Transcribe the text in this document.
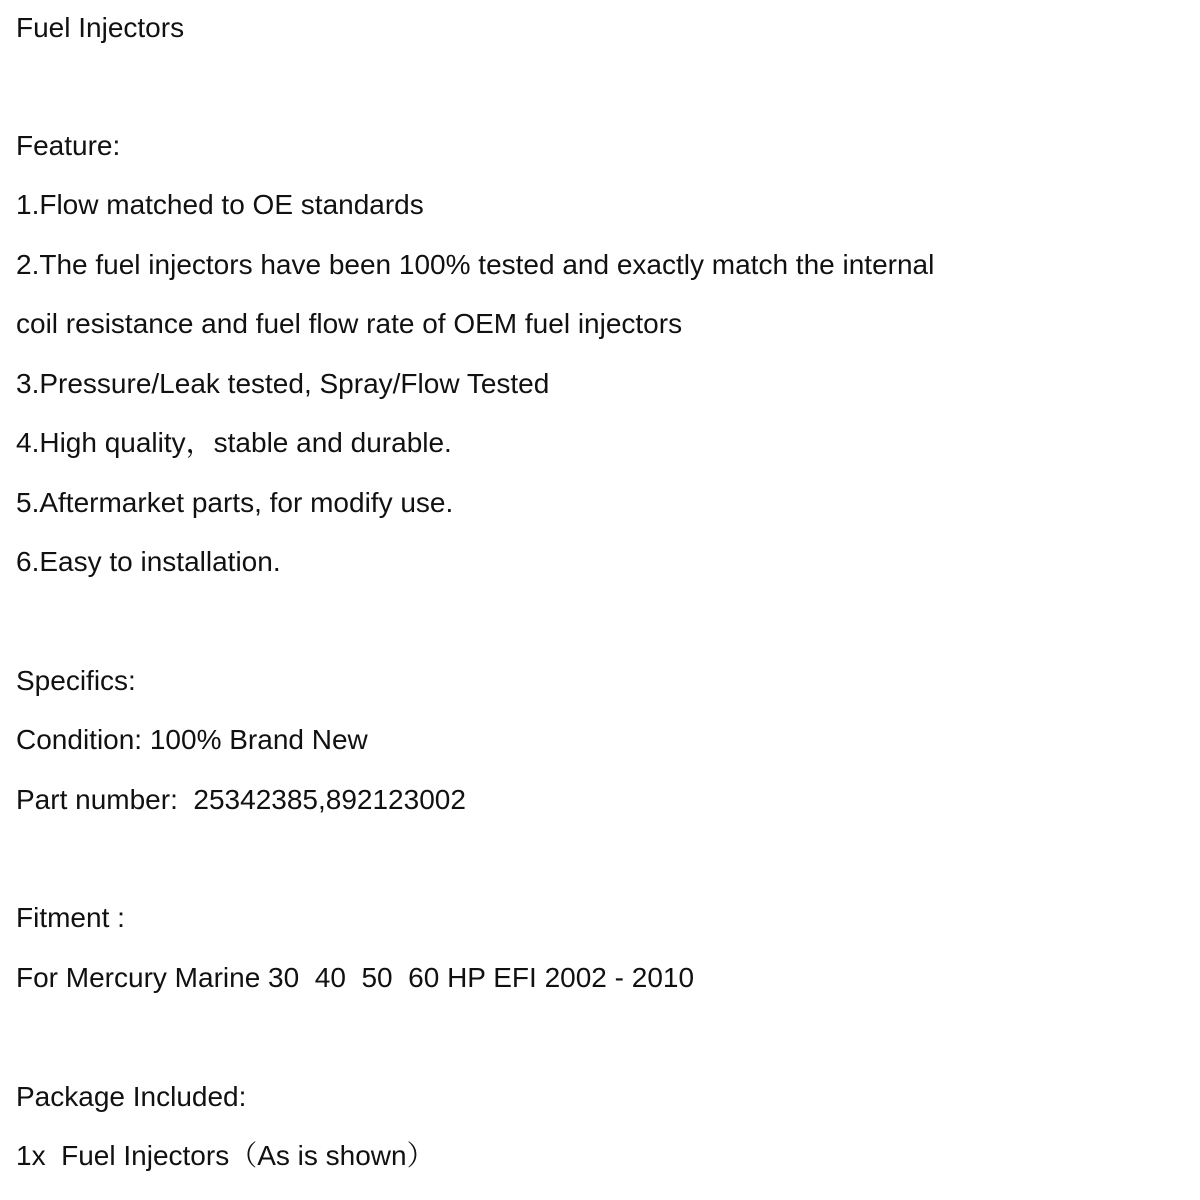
Fuel Injectors
Feature:
1.Flow matched to OE standards
2.The fuel injectors have been 100% tested and exactly match the internal
coil resistance and fuel flow rate of OEM fuel injectors
3.Pressure/Leak tested, Spray/Flow Tested
4.High quality，stable and durable.
5.Aftermarket parts, for modify use.
6.Easy to installation.
Specifics:
Condition: 100% Brand New
Part number:  25342385,892123002
Fitment :
For Mercury Marine 30  40  50  60 HP EFI 2002 - 2010
Package Included:
1x  Fuel Injectors（As is shown）
